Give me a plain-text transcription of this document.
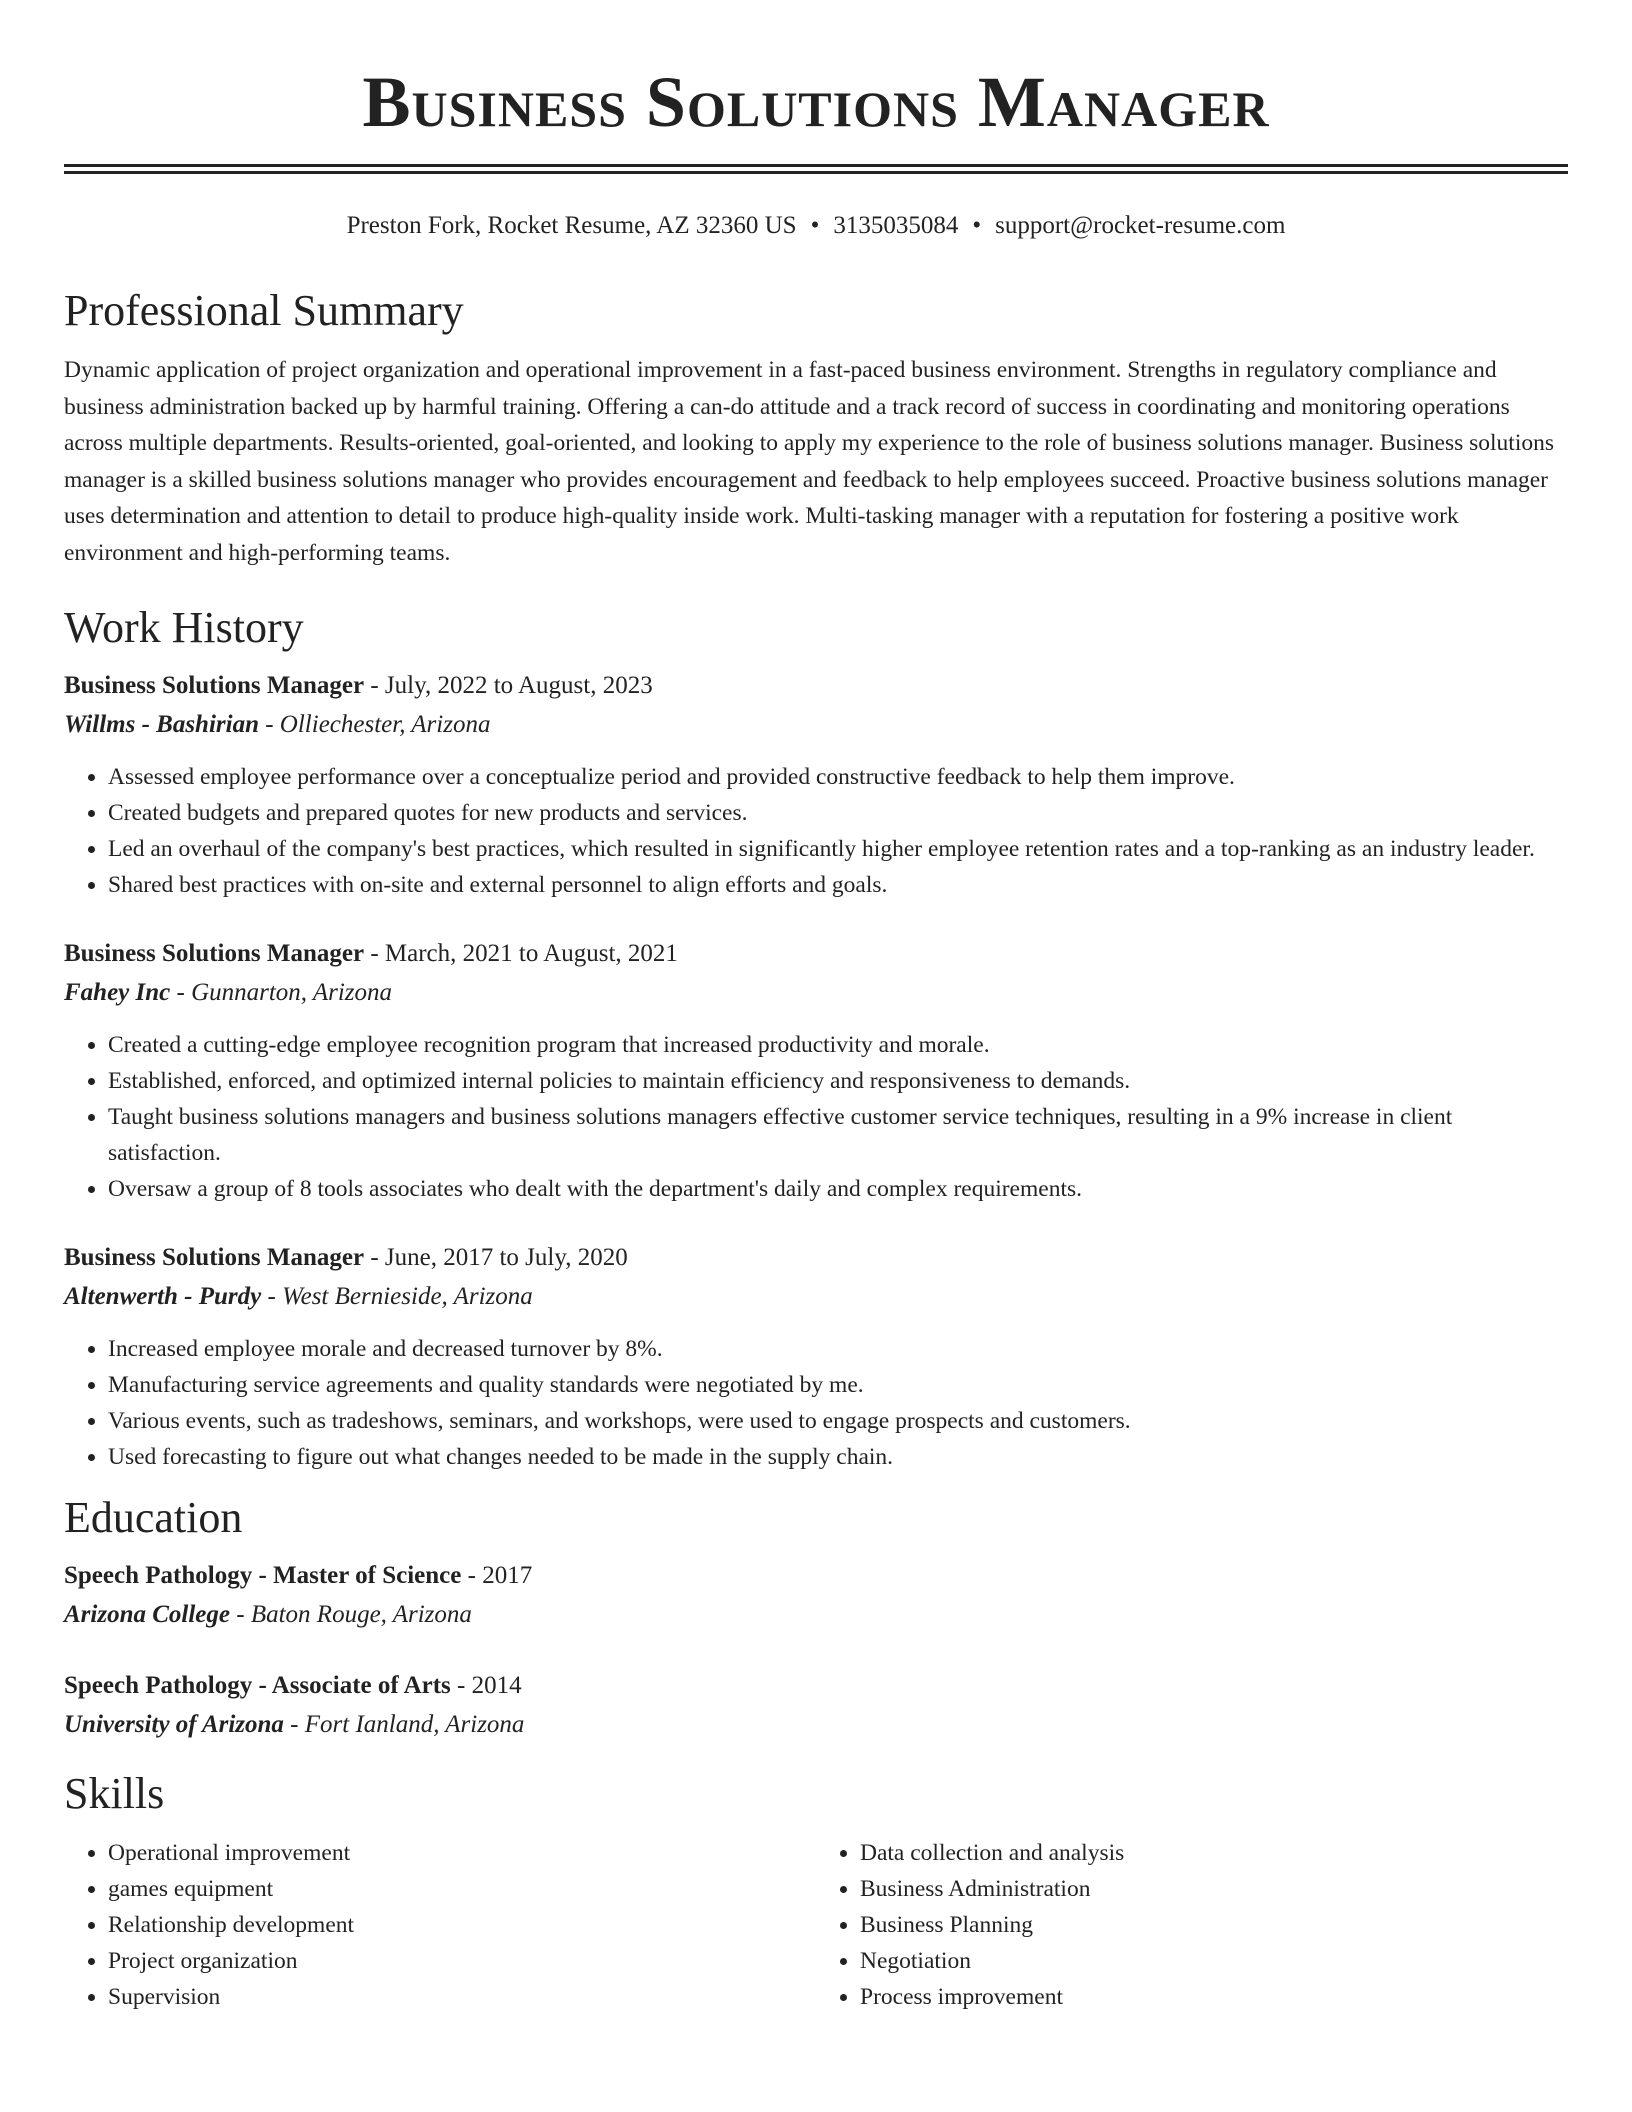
Business Solutions Manager
Preston Fork, Rocket Resume, AZ 32360 US • 3135035084 • support@rocket-resume.com
Professional Summary
Dynamic application of project organization and operational improvement in a fast-paced business environment. Strengths in regulatory compliance and business administration backed up by harmful training. Offering a can-do attitude and a track record of success in coordinating and monitoring operations across multiple departments. Results-oriented, goal-oriented, and looking to apply my experience to the role of business solutions manager. Business solutions manager is a skilled business solutions manager who provides encouragement and feedback to help employees succeed. Proactive business solutions manager uses determination and attention to detail to produce high-quality inside work. Multi-tasking manager with a reputation for fostering a positive work environment and high-performing teams.
Work History
Business Solutions Manager - July, 2022 to August, 2023
Willms - Bashirian - Olliechester, Arizona
• Assessed employee performance over a conceptualize period and provided constructive feedback to help them improve.
• Created budgets and prepared quotes for new products and services.
• Led an overhaul of the company's best practices, which resulted in significantly higher employee retention rates and a top-ranking as an industry leader.
• Shared best practices with on-site and external personnel to align efforts and goals.
Business Solutions Manager - March, 2021 to August, 2021
Fahey Inc - Gunnarton, Arizona
• Created a cutting-edge employee recognition program that increased productivity and morale.
• Established, enforced, and optimized internal policies to maintain efficiency and responsiveness to demands.
• Taught business solutions managers and business solutions managers effective customer service techniques, resulting in a 9% increase in client satisfaction.
• Oversaw a group of 8 tools associates who dealt with the department's daily and complex requirements.
Business Solutions Manager - June, 2017 to July, 2020
Altenwerth - Purdy - West Bernieside, Arizona
• Increased employee morale and decreased turnover by 8%.
• Manufacturing service agreements and quality standards were negotiated by me.
• Various events, such as tradeshows, seminars, and workshops, were used to engage prospects and customers.
• Used forecasting to figure out what changes needed to be made in the supply chain.
Education
Speech Pathology - Master of Science - 2017
Arizona College - Baton Rouge, Arizona
Speech Pathology - Associate of Arts - 2014
University of Arizona - Fort Ianland, Arizona
Skills
• Operational improvement
• games equipment
• Relationship development
• Project organization
• Supervision
• Data collection and analysis
• Business Administration
• Business Planning
• Negotiation
• Process improvement
